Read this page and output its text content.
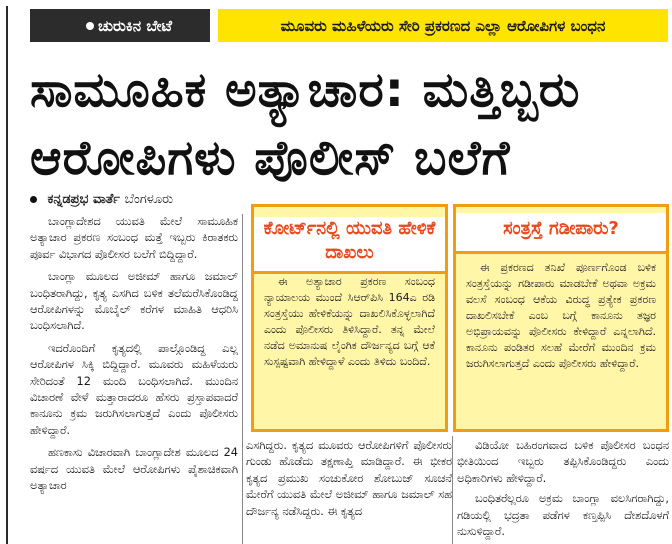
ಚುರುಕಿನ ಬೇಟೆ	ಮೂವರು ಮಹಿಳೆಯರು ಸೇರಿ ಪ್ರಕರಣದ ಎಲ್ಲಾ ಆರೋಪಿಗಳ ಬಂಧನ
ಸಾಮೂಹಿಕ ಅತ್ಯಾಚಾರ: ಮತ್ತಿಬ್ಬರು
ಆರೋಪಿಗಳು ಪೊಲೀಸ್ ಬಲೆಗೆ
ಕನ್ನಡಪ್ರಭ ವಾರ್ತೆ ಬೆಂಗಳೂರು

ಬಾಂಗ್ಲಾದೇಶದ ಯುವತಿ ಮೇಲೆ ಸಾಮೂಹಿಕ ಅತ್ಯಾಚಾರ ಪ್ರಕರಣ ಸಂಬಂಧ ಮತ್ತೆ ಇಬ್ಬರು ಕಿರಾತಕರು ಪೂರ್ವ ವಿಭಾಗದ ಪೊಲೀಸರ ಬಲೆಗೆ ಬಿದ್ದಿದ್ದಾರೆ.

ಬಾಂಗ್ಲಾ ಮೂಲದ ಅಜೀಮ್ ಹಾಗೂ ಜಮಾಲ್ ಬಂಧಿತರಾಗಿದ್ದು, ಕೃತ್ಯ ಎಸಗಿದ ಬಳಿಕ ತಲೆಮರೆಸಿಕೊಂಡಿದ್ದ ಆರೋಪಿಗಳನ್ನು ಮೊಬೈಲ್ ಕರೆಗಳ ಮಾಹಿತಿ ಆಧರಿಸಿ ಬಂಧಿಸಲಾಗಿದೆ.

ಇದರೊಂದಿಗೆ ಕೃತ್ಯದಲ್ಲಿ ಪಾಲ್ಗೊಂಡಿದ್ದ ಎಲ್ಲ ಆರೋಪಿಗಳ ಸಿಕ್ಕಿ ಬಿದ್ದಿದ್ದಾರೆ. ಮೂವರು ಮಹಿಳೆಯರು ಸೇರಿದಂತೆ 12 ಮಂದಿ ಬಂಧಿಸಲಾಗಿದೆ. ಮುಂದಿನ ವಿಚಾರಣೆ ವೇಳೆ ಮತ್ತಾರಾದರೂ ಹೆಸರು ಪ್ರಸ್ತಾಪವಾದರೆ ಕಾನೂನು ಕ್ರಮ ಜರುಗಿಸಲಾಗುತ್ತದೆ ಎಂದು ಪೊಲೀಸರು ಹೇಳಿದ್ದಾರೆ.

ಹಣಕಾಸು ವಿಚಾರವಾಗಿ ಬಾಂಗ್ಲಾದೇಶ ಮೂಲದ 24 ವರ್ಷದ ಯುವತಿ ಮೇಲೆ ಆರೋಪಿಗಳು ಪೈಶಾಚಿಕವಾಗಿ ಅತ್ಯಾಚಾರ

ಕೋರ್ಟ್‌ನಲ್ಲಿ ಯುವತಿ ಹೇಳಿಕೆ ದಾಖಲು
ಈ ಅತ್ಯಾಚಾರ ಪ್ರಕರಣ ಸಂಬಂಧ ನ್ಯಾಯಾಲಯ ಮುಂದೆ ಸಿಆರ್‌ಪಿಸಿ 164ಎ ರಡಿ ಸಂತ್ರಸ್ತೆಯು ಹೇಳಿಕೆಯನ್ನು ದಾಖಲಿಸಿಕೊಳ್ಳಲಾಗಿದೆ ಎಂದು ಪೊಲೀಸರು ತಿಳಿಸಿದ್ದಾರೆ. ತನ್ನ ಮೇಲೆ ನಡೆದ ಅಮಾನುಷ ಲೈಂಗಿಕ ದೌರ್ಜನ್ಯದ ಬಗ್ಗೆ ಆಕೆ ಸುಸ್ಪಷ್ಟವಾಗಿ ಹೇಳಿದ್ದಾಳೆ ಎಂದು ತಿಳಿದು ಬಂದಿದೆ.
ಸಂತ್ರಸ್ತೆ ಗಡೀಪಾರು?
ಈ ಪ್ರಕರಣದ ತನಿಖೆ ಪೂರ್ಣಗೊಂಡ ಬಳಿಕ ಸಂತ್ರಸ್ತೆಯನ್ನು ಗಡೀಪಾರು ಮಾಡಬೇಕೆ ಅಥವಾ ಅಕ್ರಮ ವಲಸೆ ಸಂಬಂಧ ಆಕೆಯ ವಿರುದ್ಧ ಪ್ರತ್ಯೇಕ ಪ್ರಕರಣ ದಾಖಲಿಸಬೇಕೆ ಎಂಬ ಬಗ್ಗೆ ಕಾನೂನು ತಜ್ಞರ ಅಭಿಪ್ರಾಯವನ್ನು ಪೊಲೀಸರು ಕೇಳಿದ್ದಾರೆ ಎನ್ನಲಾಗಿದೆ. ಕಾನೂನು ಪಂಡಿತರ ಸಲಹೆ ಮೇರೆಗೆ ಮುಂದಿನ ಕ್ರಮ ಜರುಗಿಸಲಾಗುತ್ತದೆ ಎಂದು ಪೊಲೀಸರು ಹೇಳಿದ್ದಾರೆ.

ಎಸಗಿದ್ದರು. ಕೃತ್ಯದ ಮೂವರು ಆರೋಪಿಗಳಿಗೆ ಪೊಲೀಸರು ಗುಂಡು ಹೊಡೆದು ತಕ್ಷಣಾಪ್ತಿ ಮಾಡಿದ್ದಾರೆ. ಈ ಭೀಕರ ಕೃತ್ಯದ ಪ್ರಮುಖ ಸಂಚುಕೋರ ಶೋಬುಜ್ ಸೂಚನೆ ಮೇರೆಗೆ ಯುವತಿ ಮೇಲೆ ಅಜೀಮ್ ಹಾಗೂ ಜಮಾಲ್ ಸಹ ದೌರ್ಜನ್ಯ ನಡೆಸಿದ್ದರು. ಈ ಕೃತ್ಯದ

ವಿಡಿಯೋ ಬಹಿರಂಗವಾದ ಬಳಿಕ ಪೊಲೀಸರ ಬಂಧನ ಭೀತಿಯಿಂದ ಇಬ್ಬರು ತಪ್ಪಿಸಿಕೊಂಡಿದ್ದರು ಎಂದು ಅಧಿಕಾರಿಗಳು ಹೇಳಿದ್ದಾರೆ.

ಬಂಧಿತರೆಲ್ಲರೂ ಅಕ್ರಮ ಬಾಂಗ್ಲಾ ವಲಸಿಗರಾಗಿದ್ದು, ಗಡಿಯಲ್ಲಿ ಭದ್ರತಾ ಪಡೆಗಳ ಕಣ್ತಪ್ಪಿಸಿ ದೇಶದೊಳಗೆ ನುಸುಳಿದ್ದಾರೆ.
